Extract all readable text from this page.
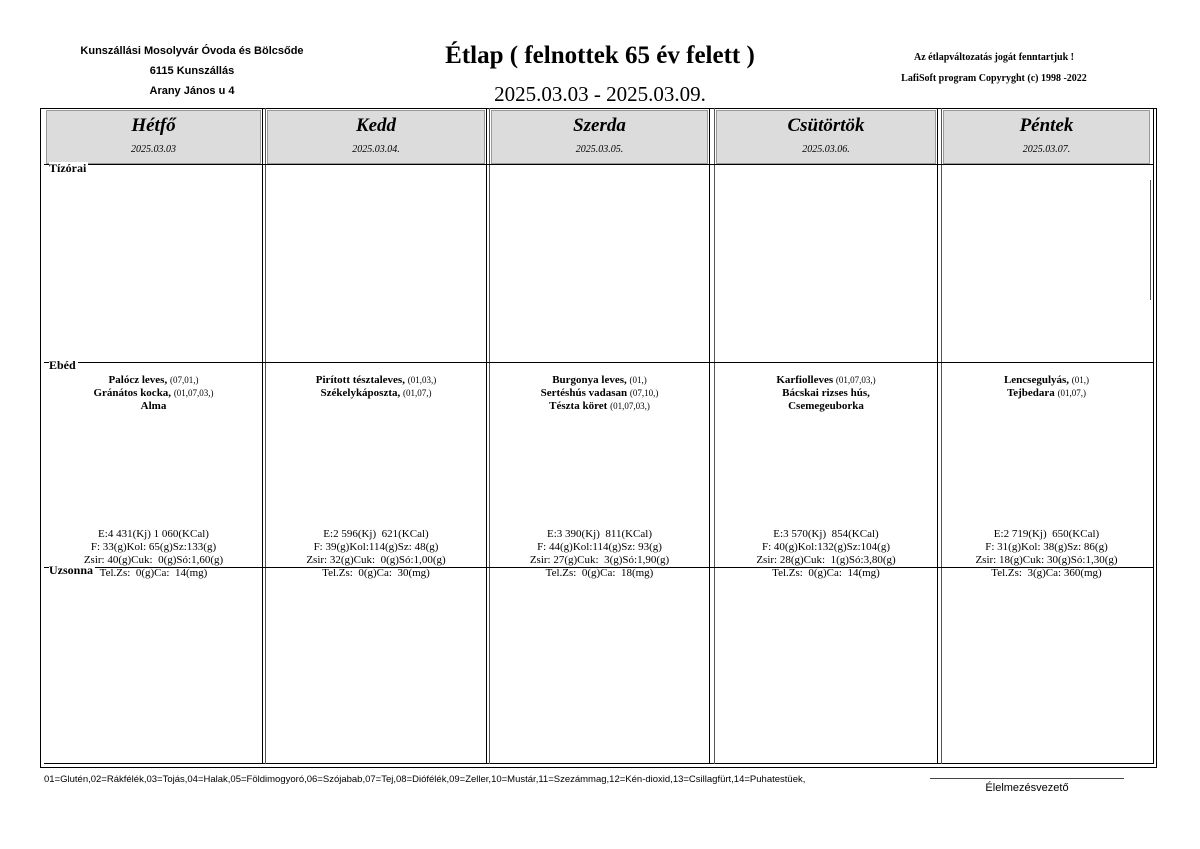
Kunszállási Mosolyvár Óvoda és Bölcsőde
6115 Kunszállás
Arany János u 4
Étlap ( felnottek 65 év felett )
2025.03.03 - 2025.03.09.
Az étlapváltozatás jogát fenntartjuk !
LafiSoft program Copyryght (c) 1998 -2022
Hétfő
2025.03.03
Kedd
2025.03.04.
Szerda
2025.03.05.
Csütörtök
2025.03.06.
Péntek
2025.03.07.
Tízórai
Ebéd
Uzsonna
Palócz leves, (07,01,)
Gránátos kocka, (01,07,03,)
Alma
Pirított tésztaleves, (01,03,)
Székelykáposzta, (01,07,)
Burgonya leves, (01,)
Sertéshús vadasan (07,10,)
Tészta köret (01,07,03,)
Karfiolleves (01,07,03,)
Bácskai rizses hús,
Csemegeuborka
Lencsegulyás, (01,)
Tejbedara (01,07,)

E:4 431(Kj) 1 060(KCal)
F: 33(g)Kol: 65(g)Sz:133(g)
Zsir: 40(g)Cuk:  0(g)Só:1,60(g)
Tel.Zs:  0(g)Ca:  14(mg)

E:2 596(Kj)  621(KCal)
F: 39(g)Kol:114(g)Sz: 48(g)
Zsir: 32(g)Cuk:  0(g)Só:1,00(g)
Tel.Zs:  0(g)Ca:  30(mg)

E:3 390(Kj)  811(KCal)
F: 44(g)Kol:114(g)Sz: 93(g)
Zsir: 27(g)Cuk:  3(g)Só:1,90(g)
Tel.Zs:  0(g)Ca:  18(mg)

E:3 570(Kj)  854(KCal)
F: 40(g)Kol:132(g)Sz:104(g)
Zsir: 28(g)Cuk:  1(g)Só:3,80(g)
Tel.Zs:  0(g)Ca:  14(mg)

E:2 719(Kj)  650(KCal)
F: 31(g)Kol: 38(g)Sz: 86(g)
Zsir: 18(g)Cuk: 30(g)Só:1,30(g)
Tel.Zs:  3(g)Ca: 360(mg)

01=Glutén,02=Rákfélék,03=Tojás,04=Halak,05=Földimogyoró,06=Szójabab,07=Tej,08=Diófélék,09=Zeller,10=Mustár,11=Szezámmag,12=Kén-dioxid,13=Csillagfürt,14=Puhatestüek,
Élelmezésvezető
